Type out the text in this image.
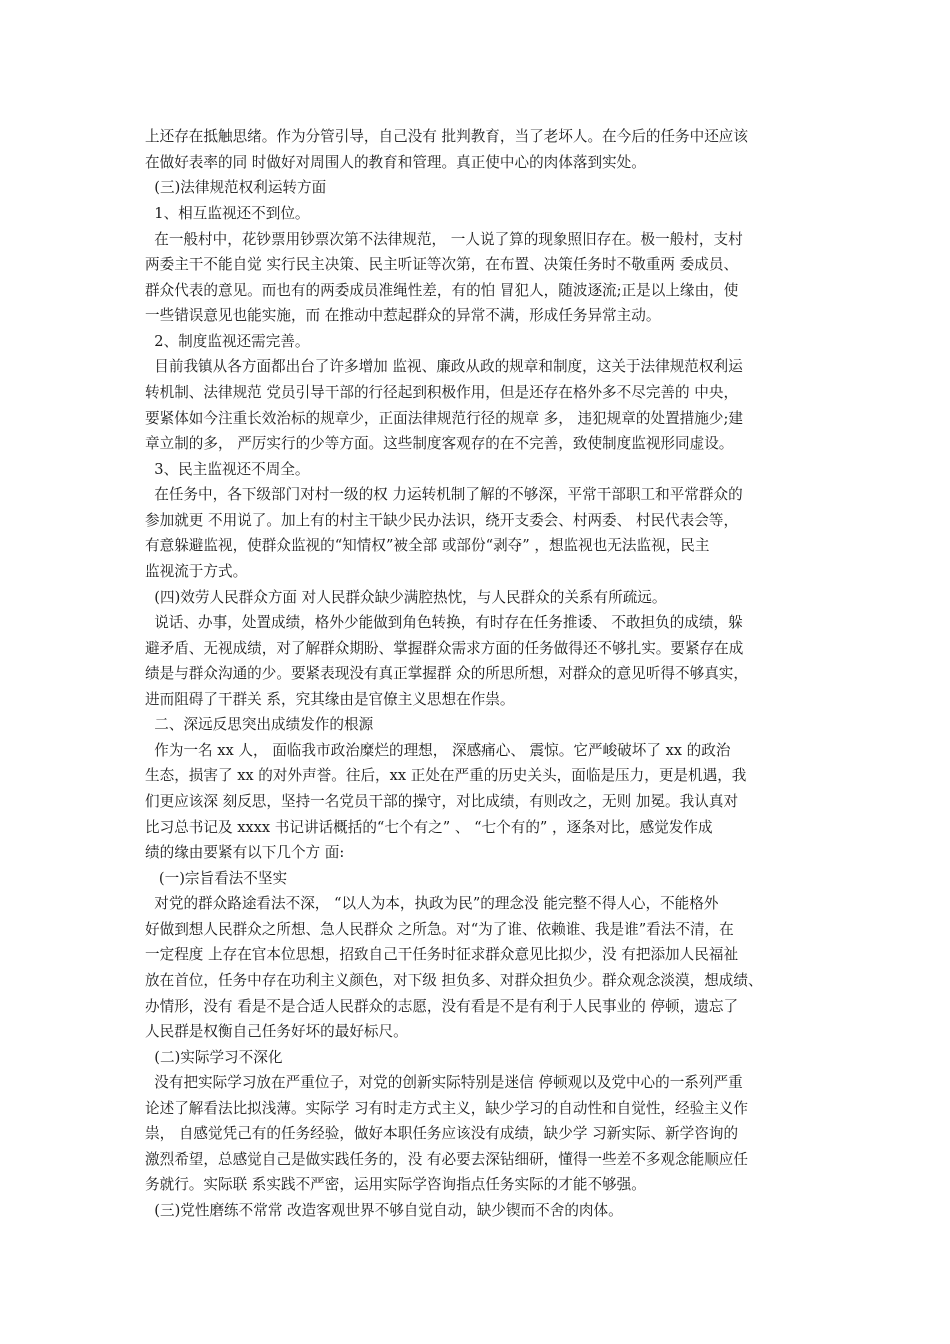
上还存在抵触思绪。作为分管引导，自己没有 批判教育，当了老坏人。在今后的任务中还应该
在做好表率的同 时做好对周围人的教育和管理。真正使中心的肉体落到实处。
(三)法律规范权利运转方面
1、相互监视还不到位。
在一般村中，花钞票用钞票次第不法律规范， 一人说了算的现象照旧存在。极一般村，支村
两委主干不能自觉 实行民主决策、民主听证等次第，在布置、决策任务时不敬重两 委成员、
群众代表的意见。而也有的两委成员准绳性差，有的怕 冒犯人，随波逐流;正是以上缘由，使
一些错误意见也能实施，而 在推动中惹起群众的异常不满，形成任务异常主动。
2、制度监视还需完善。
目前我镇从各方面都出台了许多增加 监视、廉政从政的规章和制度，这关于法律规范权利运
转机制、法律规范 党员引导干部的行径起到积极作用，但是还存在格外多不尽完善的 中央，
要紧体如今注重长效治标的规章少，正面法律规范行径的规章 多， 违犯规章的处置措施少;建
章立制的多， 严厉实行的少等方面。这些制度客观存的在不完善，致使制度监视形同虚设。
3、民主监视还不周全。
在任务中，各下级部门对村一级的权 力运转机制了解的不够深，平常干部职工和平常群众的
参加就更 不用说了。加上有的村主干缺少民办法识，绕开支委会、村两委、 村民代表会等，
有意躲避监视，使群众监视的“知情权”被全部 或部份“剥夺” ，想监视也无法监视，民主
监视流于方式。
(四)效劳人民群众方面 对人民群众缺少满腔热忱，与人民群众的关系有所疏远。
说话、办事，处置成绩，格外少能做到角色转换，有时存在任务推诿、 不敢担负的成绩，躲
避矛盾、无视成绩，对了解群众期盼、掌握群众需求方面的任务做得还不够扎实。要紧存在成
绩是与群众沟通的少。要紧表现没有真正掌握群 众的所思所想，对群众的意见听得不够真实，
进而阻碍了干群关 系，究其缘由是官僚主义思想在作祟。
二、深远反思突出成绩发作的根源
作为一名 xx 人， 面临我市政治糜烂的理想， 深感痛心、 震惊。它严峻破坏了 xx 的政治
生态，损害了 xx 的对外声誉。往后，xx 正处在严重的历史关头，面临是压力，更是机遇，我
们更应该深 刻反思，坚持一名党员干部的操守，对比成绩，有则改之，无则 加冕。我认真对
比习总书记及 xxxx 书记讲话概括的“七个有之” 、 “七个有的” ，逐条对比，感觉发作成
绩的缘由要紧有以下几个方 面:
(一)宗旨看法不坚实
对党的群众路途看法不深， “以人为本，执政为民”的理念没 能完整不得人心，不能格外
好做到想人民群众之所想、急人民群众 之所急。对“为了谁、依赖谁、我是谁”看法不清，在
一定程度 上存在官本位思想，招致自己干任务时征求群众意见比拟少，没 有把添加人民福祉
放在首位，任务中存在功利主义颜色，对下级 担负多、对群众担负少。群众观念淡漠，想成绩、
办情形，没有 看是不是合适人民群众的志愿，没有看是不是有利于人民事业的 停顿，遗忘了
人民群是权衡自己任务好坏的最好标尺。
(二)实际学习不深化
没有把实际学习放在严重位子，对党的创新实际特别是迷信 停顿观以及党中心的一系列严重
论述了解看法比拟浅薄。实际学 习有时走方式主义，缺少学习的自动性和自觉性，经验主义作
祟， 自感觉凭己有的任务经验，做好本职任务应该没有成绩，缺少学 习新实际、新学咨询的
激烈希望，总感觉自己是做实践任务的，没 有必要去深钻细研，懂得一些差不多观念能顺应任
务就行。实际联 系实践不严密，运用实际学咨询指点任务实际的才能不够强。
(三)党性磨练不常常 改造客观世界不够自觉自动，缺少锲而不舍的肉体。
